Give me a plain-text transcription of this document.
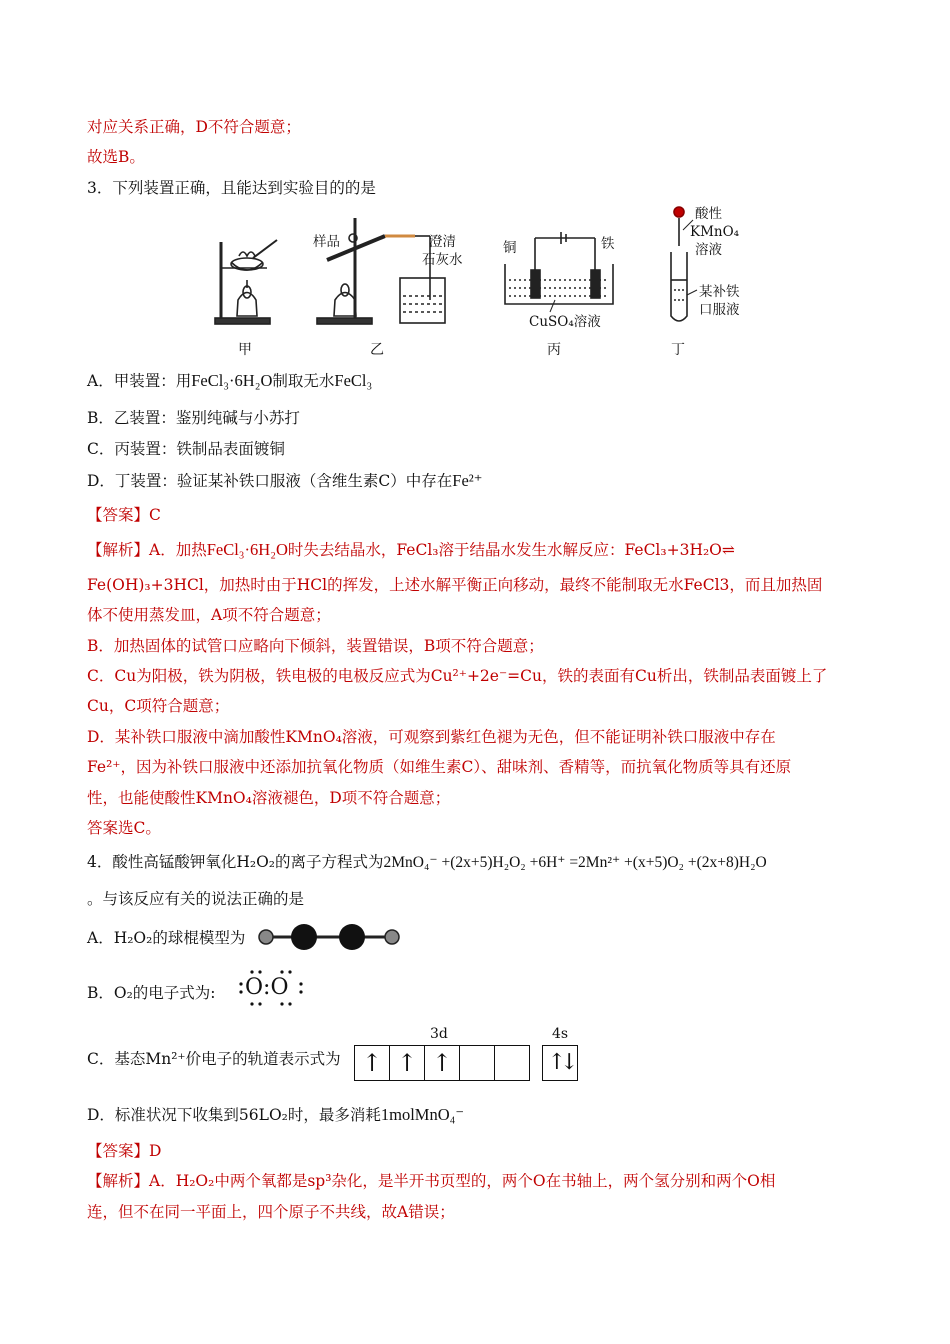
对应关系正确，D不符合题意；
故选B。
3．下列装置正确，且能达到实验目的的是
样品	澄清
石灰水
铜	铁
CuSO₄溶液
酸性
KMnO₄
溶液
某补铁
口服液
甲	乙	丙	丁
A．甲装置：用FeCl₃·6H₂O制取无水FeCl₃
B．乙装置：鉴别纯碱与小苏打
C．丙装置：铁制品表面镀铜
D．丁装置：验证某补铁口服液（含维生素C）中存在Fe²⁺
【答案】C
【解析】A．加热FeCl₃·6H₂O时失去结晶水，FeCl₃溶于结晶水发生水解反应：FeCl₃+3H₂O⇌
Fe(OH)₃+3HCl，加热时由于HCl的挥发，上述水解平衡正向移动，最终不能制取无水FeCl3，而且加热固
体不使用蒸发皿，A项不符合题意；
B．加热固体的试管口应略向下倾斜，装置错误，B项不符合题意；
C．Cu为阳极，铁为阴极，铁电极的电极反应式为Cu²⁺+2e⁻=Cu，铁的表面有Cu析出，铁制品表面镀上了
Cu，C项符合题意；
D．某补铁口服液中滴加酸性KMnO₄溶液，可观察到紫红色褪为无色，但不能证明补铁口服液中存在
Fe²⁺，因为补铁口服液中还添加抗氧化物质（如维生素C）、甜味剂、香精等，而抗氧化物质等具有还原
性，也能使酸性KMnO₄溶液褪色，D项不符合题意；
答案选C。
4．酸性高锰酸钾氧化H₂O₂的离子方程式为2MnO₄⁻ +(2x+5)H₂O₂ +6H⁺ =2Mn²⁺ +(x+5)O₂ +(2x+8)H₂O
。与该反应有关的说法正确的是
A．H₂O₂的球棍模型为
B．O₂的电子式为: O:O
C．基态Mn²⁺价电子的轨道表示式为
3d	4s
↑ ↑ ↑	↑↓
D．标准状况下收集到56LO₂时，最多消耗1molMnO₄⁻
【答案】D
【解析】A．H₂O₂中两个氧都是sp³杂化，是半开书页型的，两个O在书轴上，两个氢分别和两个O相
连，但不在同一平面上，四个原子不共线，故A错误；
